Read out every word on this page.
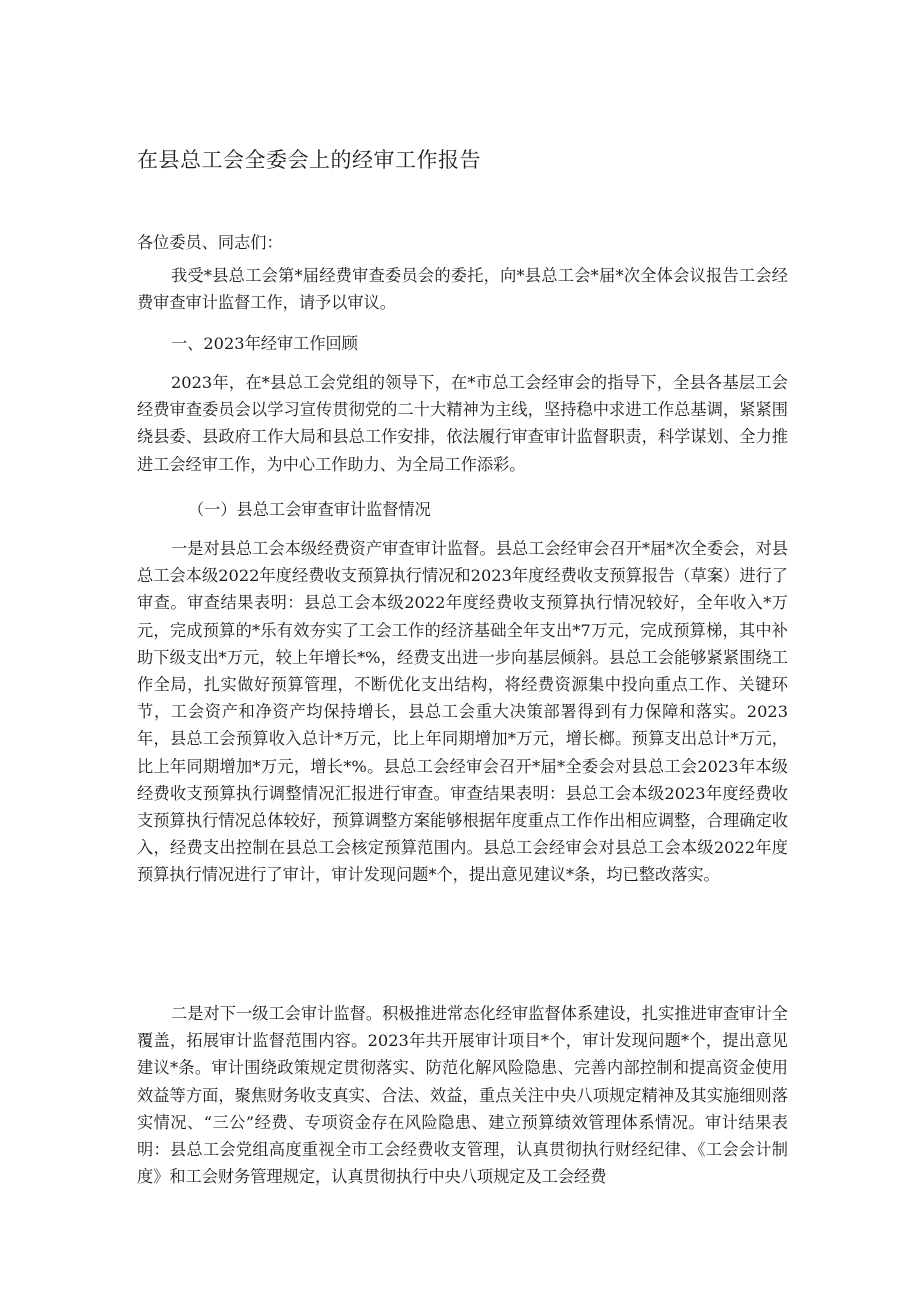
在县总工会全委会上的经审工作报告
各位委员、同志们：
我受*县总工会第*届经费审查委员会的委托，向*县总工会*届*次全体会议报告工会经费审查审计监督工作，请予以审议。
一、2023年经审工作回顾
2023年，在*县总工会党组的领导下，在*市总工会经审会的指导下，全县各基层工会经费审查委员会以学习宣传贯彻党的二十大精神为主线，坚持稳中求进工作总基调，紧紧围绕县委、县政府工作大局和县总工作安排，依法履行审查审计监督职责，科学谋划、全力推进工会经审工作，为中心工作助力、为全局工作添彩。
（一）县总工会审查审计监督情况
一是对县总工会本级经费资产审查审计监督。县总工会经审会召开*届*次全委会，对县总工会本级2022年度经费收支预算执行情况和2023年度经费收支预算报告（草案）进行了审查。审查结果表明：县总工会本级2022年度经费收支预算执行情况较好，全年收入*万元，完成预算的*乐有效夯实了工会工作的经济基础全年支出*7万元，完成预算梯，其中补助下级支出*万元，较上年增长*%，经费支出进一步向基层倾斜。县总工会能够紧紧围绕工作全局，扎实做好预算管理，不断优化支出结构，将经费资源集中投向重点工作、关键环节，工会资产和净资产均保持增长，县总工会重大决策部署得到有力保障和落实。2023年，县总工会预算收入总计*万元，比上年同期增加*万元，增长榔。预算支出总计*万元，比上年同期增加*万元，增长*%。县总工会经审会召开*届*全委会对县总工会2023年本级经费收支预算执行调整情况汇报进行审查。审查结果表明：县总工会本级2023年度经费收支预算执行情况总体较好，预算调整方案能够根据年度重点工作作出相应调整，合理确定收入，经费支出控制在县总工会核定预算范围内。县总工会经审会对县总工会本级2022年度预算执行情况进行了审计，审计发现问题*个，提出意见建议*条，均已整改落实。
二是对下一级工会审计监督。积极推进常态化经审监督体系建设，扎实推进审查审计全覆盖，拓展审计监督范围内容。2023年共开展审计项目*个，审计发现问题*个，提出意见建议*条。审计围绕政策规定贯彻落实、防范化解风险隐患、完善内部控制和提高资金使用效益等方面，聚焦财务收支真实、合法、效益，重点关注中央八项规定精神及其实施细则落实情况、“三公”经费、专项资金存在风险隐患、建立预算绩效管理体系情况。审计结果表明：县总工会党组高度重视全市工会经费收支管理，认真贯彻执行财经纪律、《工会会计制度》和工会财务管理规定，认真贯彻执行中央八项规定及工会经费
